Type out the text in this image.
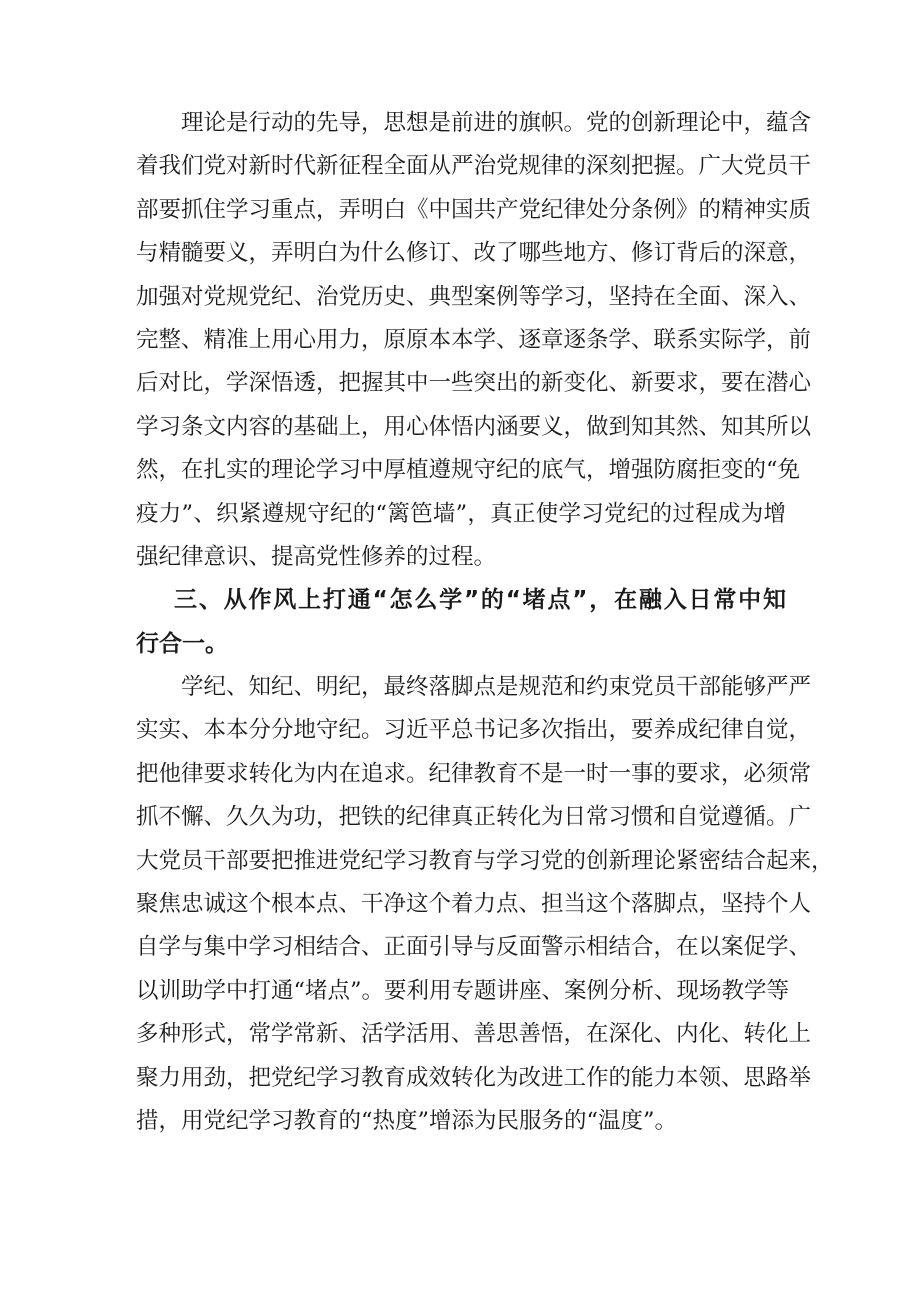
理论是行动的先导，思想是前进的旗帜。党的创新理论中，蕴含
着我们党对新时代新征程全面从严治党规律的深刻把握。广大党员干
部要抓住学习重点，弄明白《中国共产党纪律处分条例》的精神实质
与精髓要义，弄明白为什么修订、改了哪些地方、修订背后的深意，
加强对党规党纪、治党历史、典型案例等学习，坚持在全面、深入、
完整、精准上用心用力，原原本本学、逐章逐条学、联系实际学，前
后对比，学深悟透，把握其中一些突出的新变化、新要求，要在潜心
学习条文内容的基础上，用心体悟内涵要义，做到知其然、知其所以
然，在扎实的理论学习中厚植遵规守纪的底气，增强防腐拒变的“免
疫力”、织紧遵规守纪的“篱笆墙”，真正使学习党纪的过程成为增
强纪律意识、提高党性修养的过程。
三、从作风上打通“怎么学”的“堵点”，在融入日常中知
行合一。
学纪、知纪、明纪，最终落脚点是规范和约束党员干部能够严严
实实、本本分分地守纪。习近平总书记多次指出，要养成纪律自觉，
把他律要求转化为内在追求。纪律教育不是一时一事的要求，必须常
抓不懈、久久为功，把铁的纪律真正转化为日常习惯和自觉遵循。广
大党员干部要把推进党纪学习教育与学习党的创新理论紧密结合起来，
聚焦忠诚这个根本点、干净这个着力点、担当这个落脚点，坚持个人
自学与集中学习相结合、正面引导与反面警示相结合，在以案促学、
以训助学中打通“堵点”。要利用专题讲座、案例分析、现场教学等
多种形式，常学常新、活学活用、善思善悟，在深化、内化、转化上
聚力用劲，把党纪学习教育成效转化为改进工作的能力本领、思路举
措，用党纪学习教育的“热度”增添为民服务的“温度”。
